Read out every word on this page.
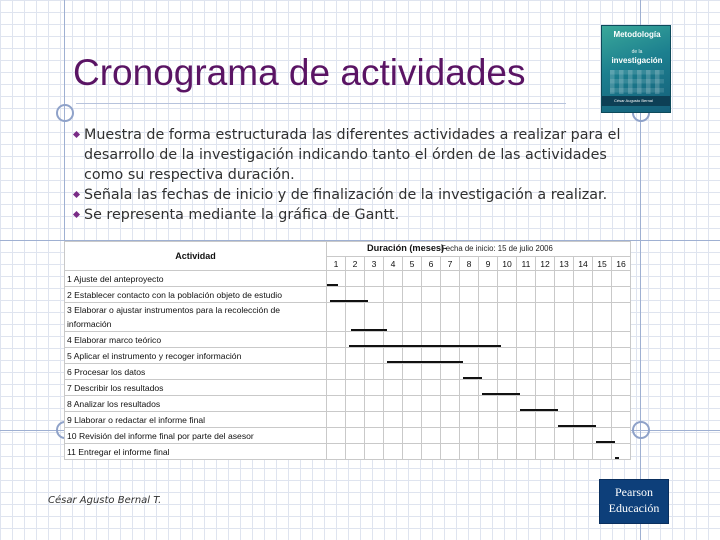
Cronograma de actividades
Metodología
de la
investigación
César Augusto Bernal
Muestra de forma estructurada las diferentes actividades a realizar para el desarrollo de la investigación indicando tanto el órden de las actividades como su respectiva duración.
Señala las fechas de inicio y de finalización de la investigación a realizar.
Se representa mediante la gráfica de Gantt.
Actividad	Duración (meses)-
Fecha de inicio: 15 de julio 2006															

	1	2	3	4	5	6	7	8	9	10	11	12	13	14	15	16
1 Ajuste del anteproyecto																
2 Establecer contacto con la población objeto de estudio																
3 Elaborar o ajustar instrumentos para la recolección de información																
4 Elaborar marco teórico																
5 Aplicar el instrumento y recoger información																
6 Procesar los datos																
7 Describir los resultados																
8 Analizar los resultados																
9 Llaborar o redactar el informe final																
10 Revisión del informe final por parte del asesor																
11 Entregar el informe final																
César Agusto Bernal T.
Pearson
Educación
